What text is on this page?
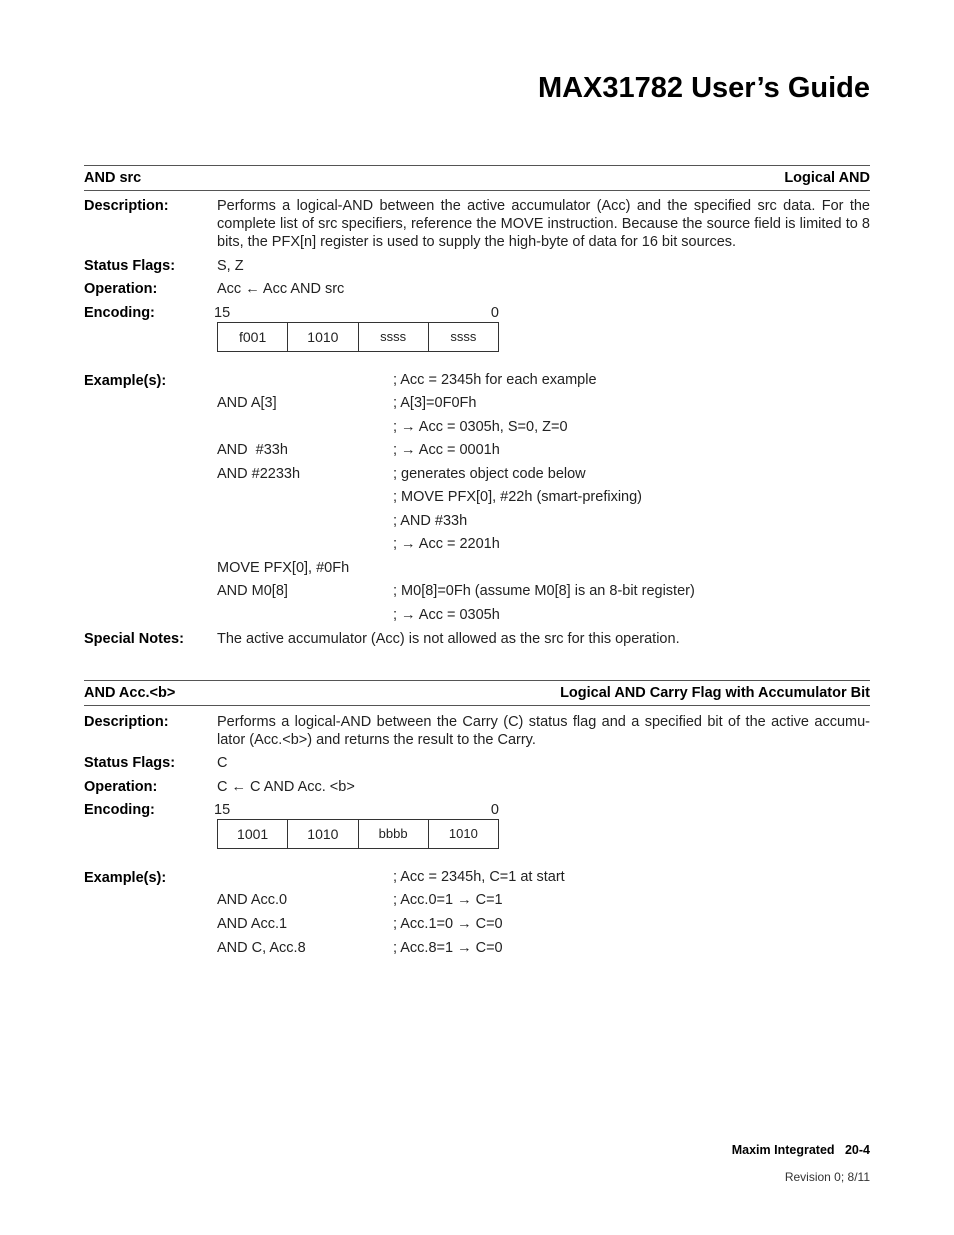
MAX31782 User’s Guide
AND src	Logical AND
Description:	Performs a logical-AND between the active accumulator (Acc) and the specified src data. For the complete list of src specifiers, reference the MOVE instruction. Because the source field is limited to 8 bits, the PFX[n] register is used to supply the high-byte of data for 16 bit sources.
Status Flags:	S, Z
Operation:	Acc ← Acc AND src
Encoding:	15	0
f001	1010	ssss	ssss
Example(s):	; Acc = 2345h for each example
AND A[3]	; A[3]=0F0Fh
; → Acc = 0305h, S=0, Z=0
AND  #33h	; → Acc = 0001h
AND #2233h	; generates object code below
; MOVE PFX[0], #22h (smart-prefixing)
; AND #33h
; → Acc = 2201h
MOVE PFX[0], #0Fh
AND M0[8]	; M0[8]=0Fh (assume M0[8] is an 8-bit register)
; → Acc = 0305h
Special Notes: The active accumulator (Acc) is not allowed as the src for this operation.
AND Acc.<b>	Logical AND Carry Flag with Accumulator Bit
Description:	Performs a logical-AND between the Carry (C) status flag and a specified bit of the active accumu-lator (Acc.<b>) and returns the result to the Carry.
Status Flags:	C
Operation:	C ← C AND Acc. <b>
Encoding:	15	0
1001	1010	bbbb	1010
Example(s):	; Acc = 2345h, C=1 at start
AND Acc.0	; Acc.0=1 → C=1
AND Acc.1	; Acc.1=0 → C=0
AND C, Acc.8	; Acc.8=1 → C=0
Maxim Integrated 20-4
Revision 0; 8/11
